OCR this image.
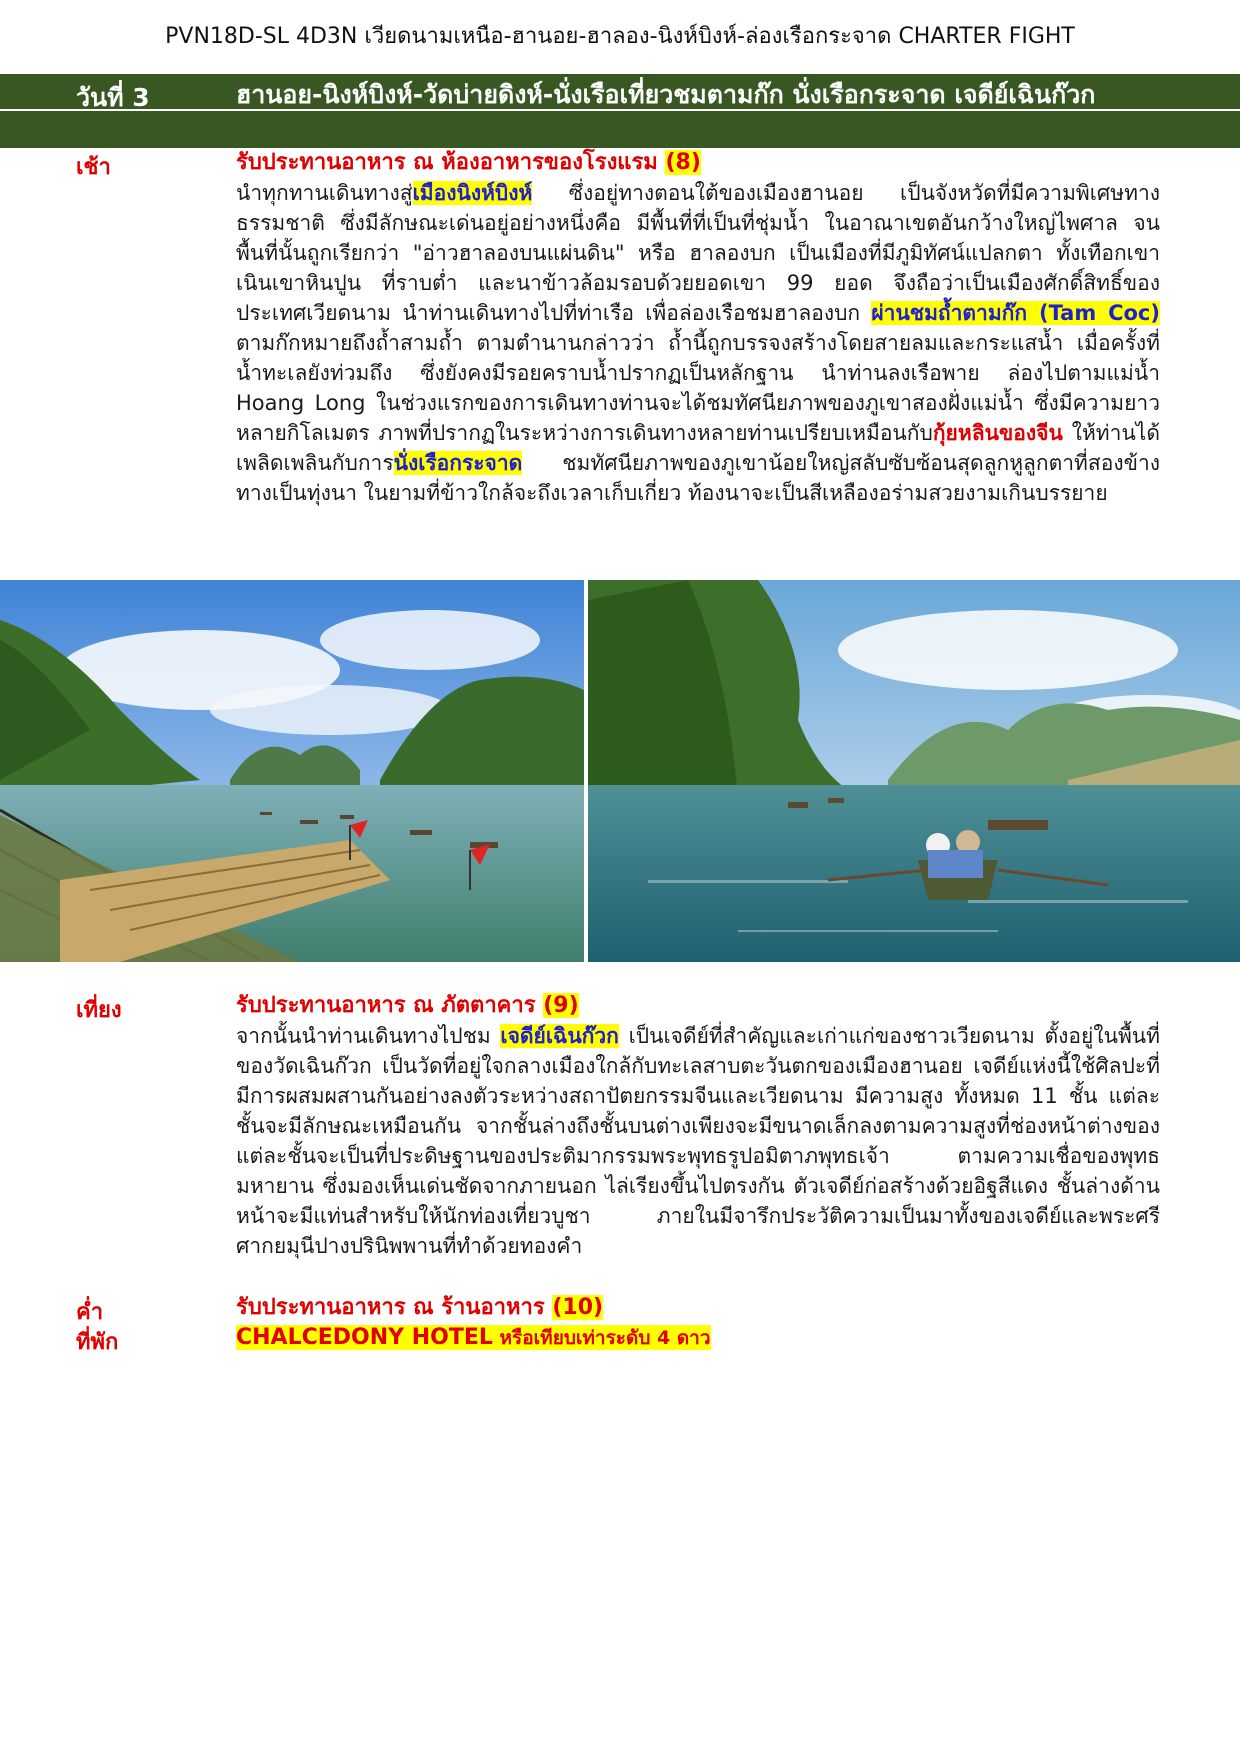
PVN18D-SL 4D3N เวียดนามเหนือ-ฮานอย-ฮาลอง-นิงห์บิงห์-ล่องเรือกระจาด CHARTER FIGHT
วันที่ 3	ฮานอย-นิงห์บิงห์-วัดบ่ายดิงห์-นั่งเรือเที่ยวชมตามก๊ก นั่งเรือกระจาด เจดีย์เฉินก๊วก
เช้า	รับประทานอาหาร ณ ห้องอาหารของโรงแรม (8)
นำทุกทานเดินทางสู่เมืองนิงห์บิงห์ ซึ่งอยู่ทางตอนใต้ของเมืองฮานอย เป็นจังหวัดที่มีความพิเศษทางธรรมชาติ ซึ่งมีลักษณะเด่นอยู่อย่างหนึ่งคือ มีพื้นที่ที่เป็นที่ชุ่มน้ำ ในอาณาเขตอันกว้างใหญ่ไพศาล จนพื้นที่นั้นถูกเรียกว่า "อ่าวฮาลองบนแผ่นดิน" หรือ ฮาลองบก เป็นเมืองที่มีภูมิทัศน์แปลกตา ทั้งเทือกเขา เนินเขาหินปูน ที่ราบต่ำ และนาข้าวล้อมรอบด้วยยอดเขา 99 ยอด จึงถือว่าเป็นเมืองศักดิ์สิทธิ์ของประเทศเวียดนาม นำท่านเดินทางไปที่ท่าเรือ เพื่อล่องเรือชมฮาลองบก ผ่านชมถ้ำตามก๊ก (Tam Coc) ตามก๊กหมายถึงถ้ำสามถ้ำ ตามตำนานกล่าวว่า ถ้ำนี้ถูกบรรจงสร้างโดยสายลมและกระแสน้ำ เมื่อครั้งที่น้ำทะเลยังท่วมถึง ซึ่งยังคงมีรอยคราบน้ำปรากฏเป็นหลักฐาน นำท่านลงเรือพาย ล่องไปตามแม่น้ำ Hoang Long ในช่วงแรกของการเดินทางท่านจะได้ชมทัศนียภาพของภูเขาสองฝั่งแม่น้ำ ซึ่งมีความยาวหลายกิโลเมตร ภาพที่ปรากฏในระหว่างการเดินทางหลายท่านเปรียบเหมือนกับกุ้ยหลินของจีน ให้ท่านได้เพลิดเพลินกับการนั่งเรือกระจาด ชมทัศนียภาพของภูเขาน้อยใหญ่สลับซับซ้อนสุดลูกหูลูกตาที่สองข้างทางเป็นทุ่งนา ในยามที่ข้าวใกล้จะถึงเวลาเก็บเกี่ยว ท้องนาจะเป็นสีเหลืองอร่ามสวยงามเกินบรรยาย
เที่ยง	รับประทานอาหาร ณ ภัตตาคาร (9)
จากนั้นนำท่านเดินทางไปชม เจดีย์เฉินก๊วก เป็นเจดีย์ที่สำคัญและเก่าแก่ของชาวเวียดนาม ตั้งอยู่ในพื้นที่ของวัดเฉินก๊วก เป็นวัดที่อยู่ใจกลางเมืองใกล้กับทะเลสาบตะวันตกของเมืองฮานอย เจดีย์แห่งนี้ใช้ศิลปะที่มีการผสมผสานกันอย่างลงตัวระหว่างสถาปัตยกรรมจีนและเวียดนาม มีความสูง ทั้งหมด 11 ชั้น แต่ละชั้นจะมีลักษณะเหมือนกัน จากชั้นล่างถึงชั้นบนต่างเพียงจะมีขนาดเล็กลงตามความสูงที่ช่องหน้าต่างของแต่ละชั้นจะเป็นที่ประดิษฐานของประติมากรรมพระพุทธรูปอมิตาภพุทธเจ้า ตามความเชื่อของพุทธมหายาน ซึ่งมองเห็นเด่นชัดจากภายนอก ไล่เรียงขึ้นไปตรงกัน ตัวเจดีย์ก่อสร้างด้วยอิฐสีแดง ชั้นล่างด้านหน้าจะมีแท่นสำหรับให้นักท่องเที่ยวบูชา ภายในมีจารึกประวัติความเป็นมาทั้งของเจดีย์และพระศรีศากยมุนีปางปรินิพพานที่ทำด้วยทองคำ
ค่ำ	รับประทานอาหาร ณ ร้านอาหาร (10)
ที่พัก	CHALCEDONY HOTEL หรือเทียบเท่าระดับ 4 ดาว
